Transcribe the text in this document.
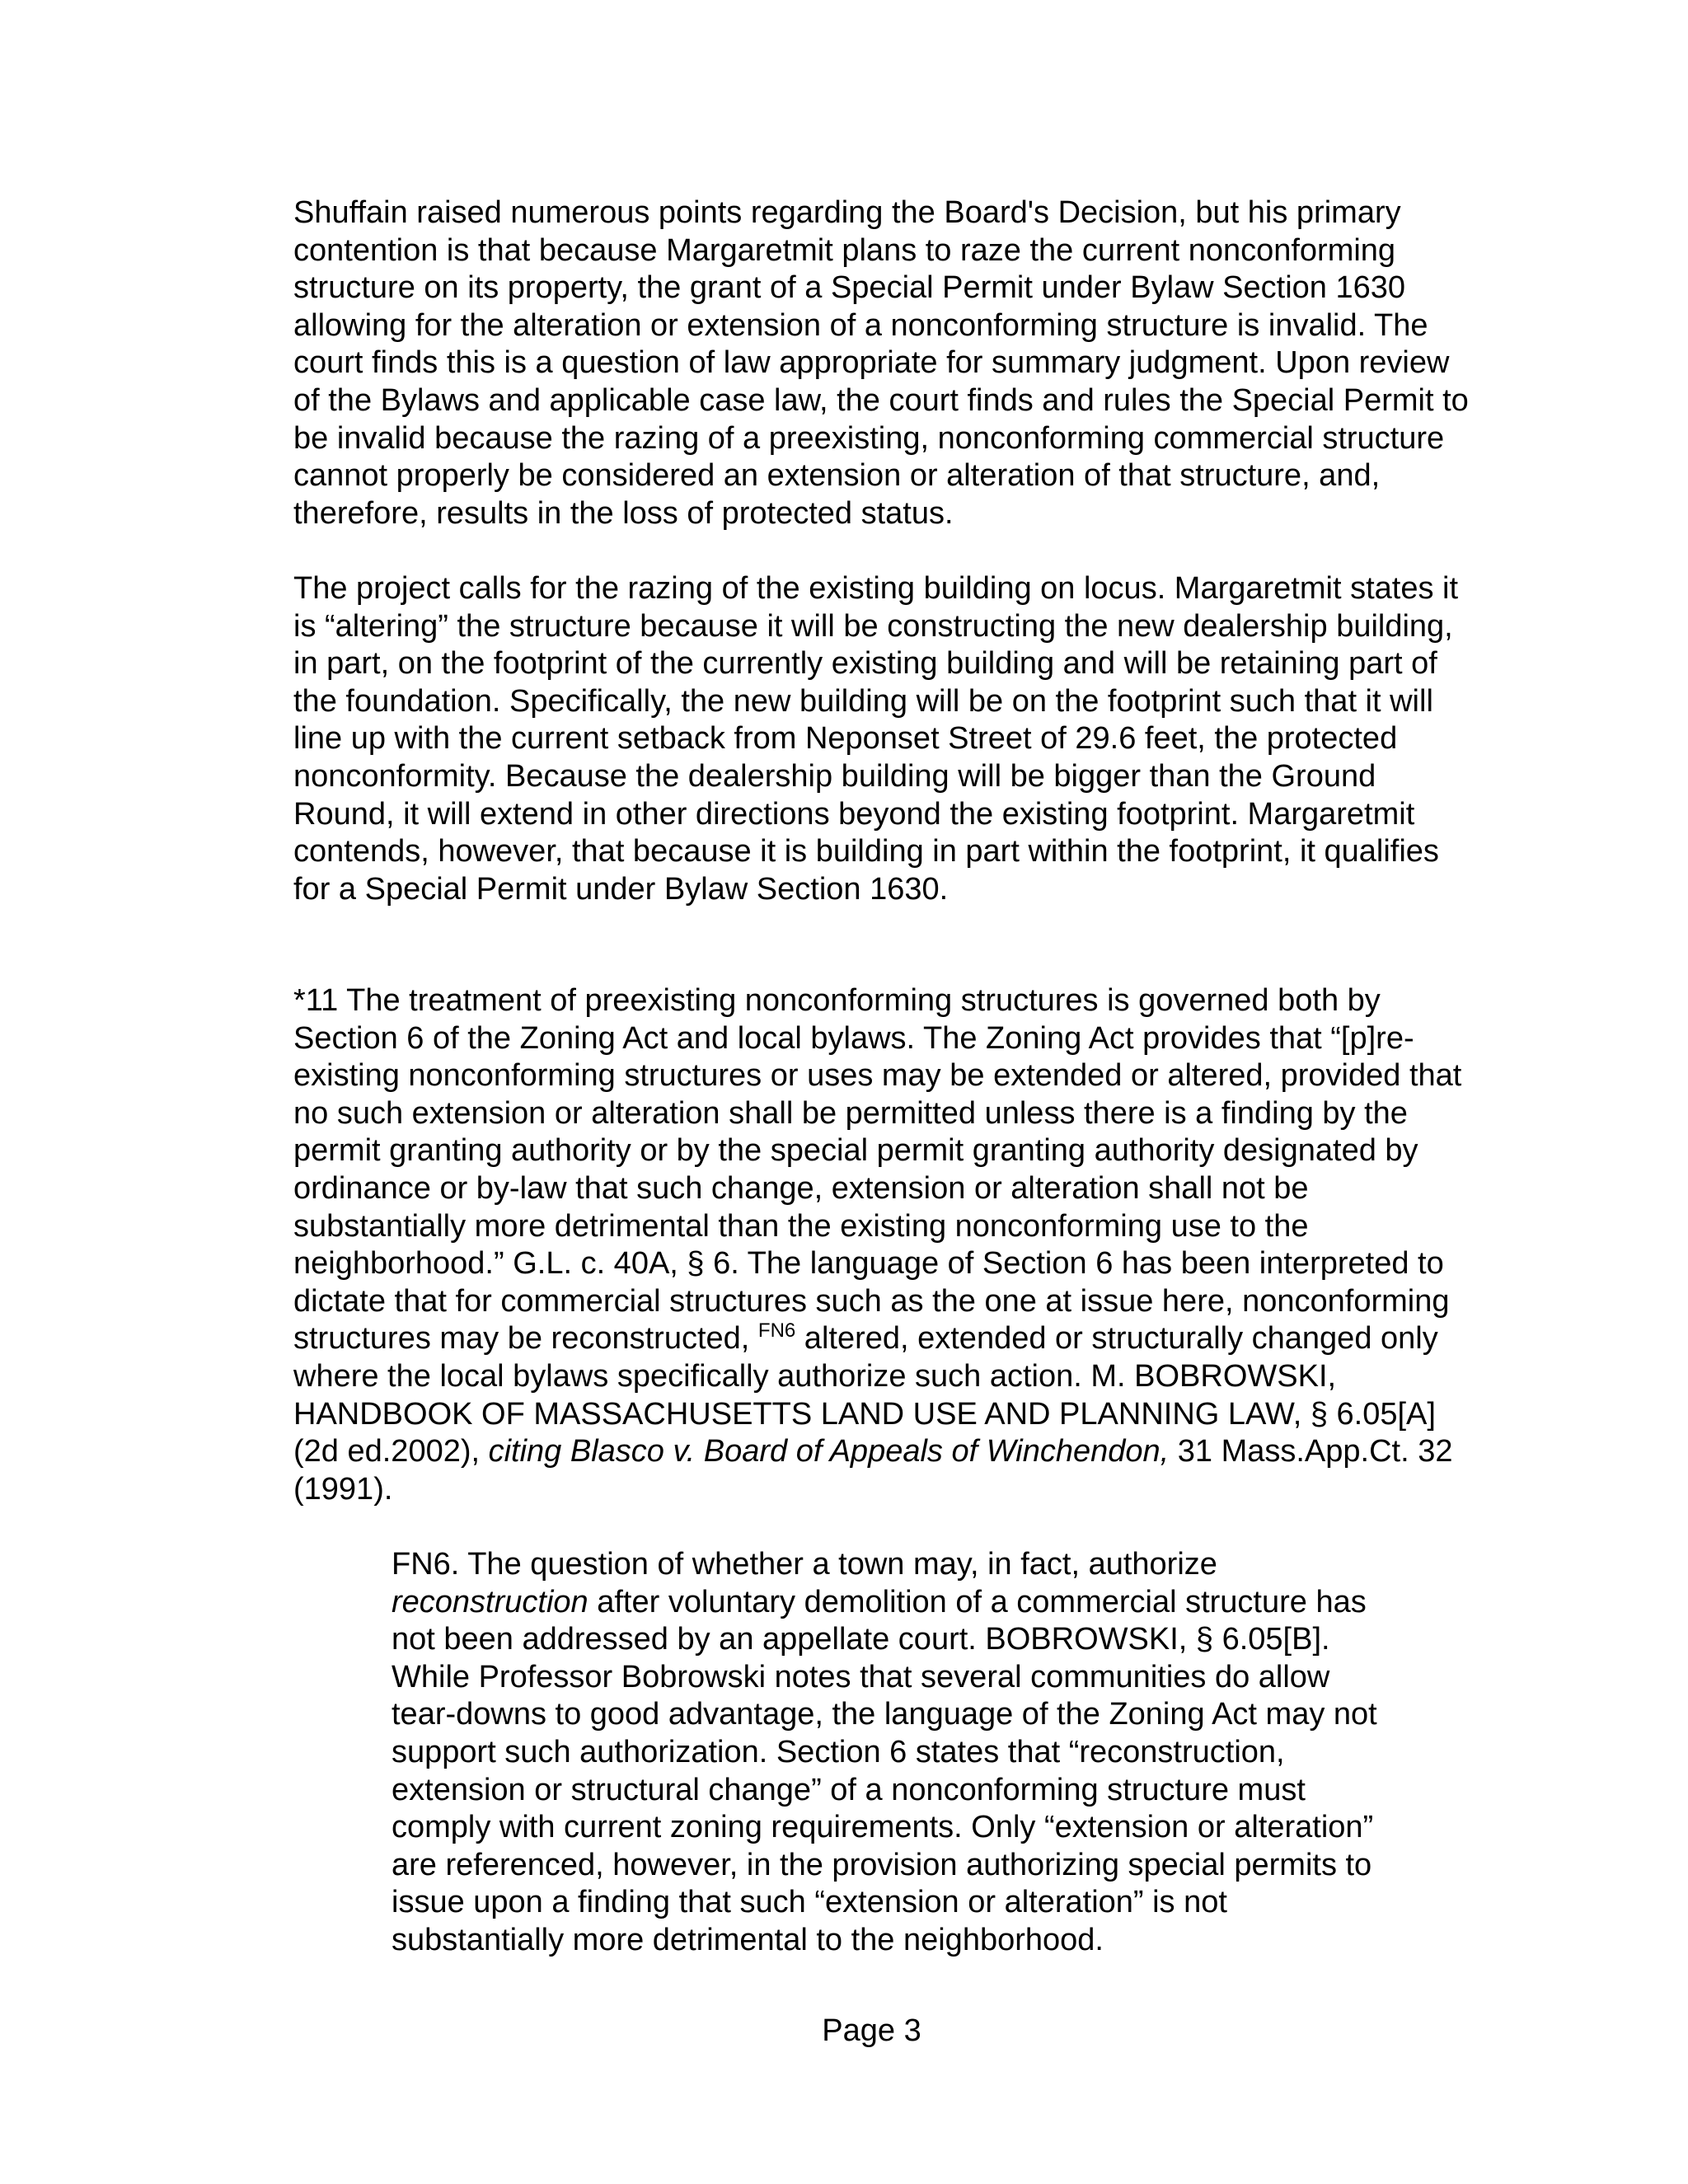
Shuffain raised numerous points regarding the Board's Decision, but his primary contention is that because Margaretmit plans to raze the current nonconforming structure on its property, the grant of a Special Permit under Bylaw Section 1630 allowing for the alteration or extension of a nonconforming structure is invalid. The court finds this is a question of law appropriate for summary judgment. Upon review of the Bylaws and applicable case law, the court finds and rules the Special Permit to be invalid because the razing of a preexisting, nonconforming commercial structure cannot properly be considered an extension or alteration of that structure, and, therefore, results in the loss of protected status.

The project calls for the razing of the existing building on locus. Margaretmit states it is “altering” the structure because it will be constructing the new dealership building, in part, on the footprint of the currently existing building and will be retaining part of the foundation. Specifically, the new building will be on the footprint such that it will line up with the current setback from Neponset Street of 29.6 feet, the protected nonconformity. Because the dealership building will be bigger than the Ground Round, it will extend in other directions beyond the existing footprint. Margaretmit contends, however, that because it is building in part within the footprint, it qualifies for a Special Permit under Bylaw Section 1630.

*11 The treatment of preexisting nonconforming structures is governed both by Section 6 of the Zoning Act and local bylaws. The Zoning Act provides that “[p]re-existing nonconforming structures or uses may be extended or altered, provided that no such extension or alteration shall be permitted unless there is a finding by the permit granting authority or by the special permit granting authority designated by ordinance or by-law that such change, extension or alteration shall not be substantially more detrimental than the existing nonconforming use to the neighborhood.” G.L. c. 40A, § 6. The language of Section 6 has been interpreted to dictate that for commercial structures such as the one at issue here, nonconforming structures may be reconstructed, $^{FN6}$ altered, extended or structurally changed only where the local bylaws specifically authorize such action. M. BOBROWSKI, HANDBOOK OF MASSACHUSETTS LAND USE AND PLANNING LAW, § 6.05[A] (2d ed.2002), citing Blasco v. Board of Appeals of Winchendon, 31 Mass.App.Ct. 32 (1991).

FN6. The question of whether a town may, in fact, authorize reconstruction after voluntary demolition of a commercial structure has not been addressed by an appellate court. BOBROWSKI, § 6.05[B]. While Professor Bobrowski notes that several communities do allow tear-downs to good advantage, the language of the Zoning Act may not support such authorization. Section 6 states that “reconstruction, extension or structural change” of a nonconforming structure must comply with current zoning requirements. Only “extension or alteration” are referenced, however, in the provision authorizing special permits to issue upon a finding that such “extension or alteration” is not substantially more detrimental to the neighborhood.

Page 3
